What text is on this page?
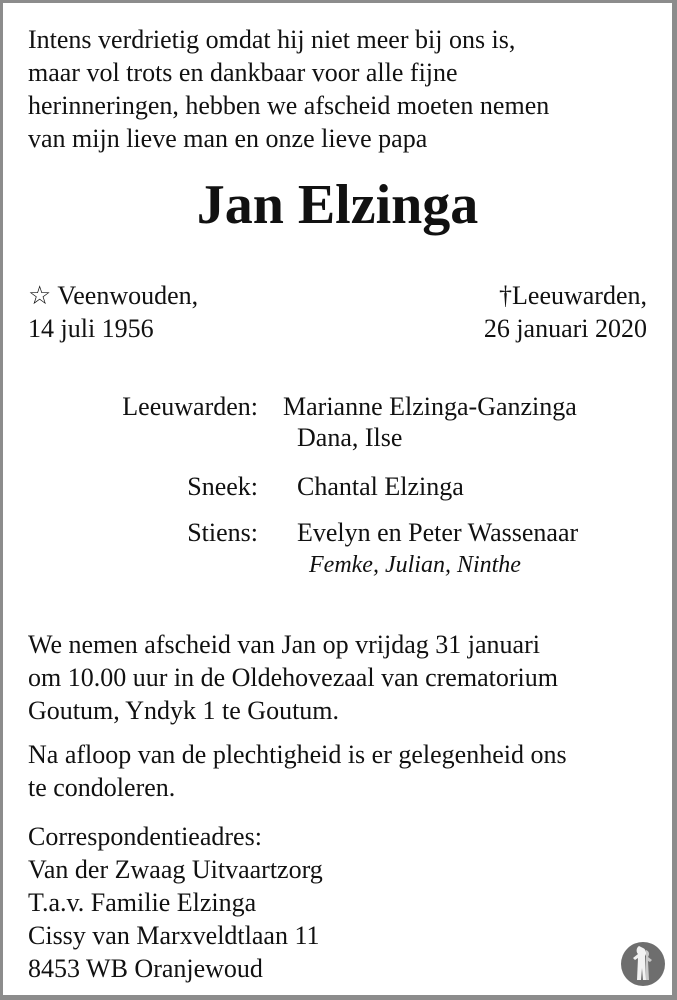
Intens verdrietig omdat hij niet meer bij ons is,
maar vol trots en dankbaar voor alle fijne
herinneringen, hebben we afscheid moeten nemen
van mijn lieve man en onze lieve papa
Jan Elzinga
☆ Veenwouden,
14 juli 1956
†Leeuwarden,
26 januari 2020
Leeuwarden: Marianne Elzinga-Ganzinga
Dana, Ilse
Sneek: Chantal Elzinga
Stiens: Evelyn en Peter Wassenaar
Femke, Julian, Ninthe
We nemen afscheid van Jan op vrijdag 31 januari
om 10.00 uur in de Oldehovezaal van crematorium
Goutum, Yndyk 1 te Goutum.
Na afloop van de plechtigheid is er gelegenheid ons
te condoleren.
Correspondentieadres:
Van der Zwaag Uitvaartzorg
T.a.v. Familie Elzinga
Cissy van Marxveldtlaan 11
8453 WB Oranjewoud
